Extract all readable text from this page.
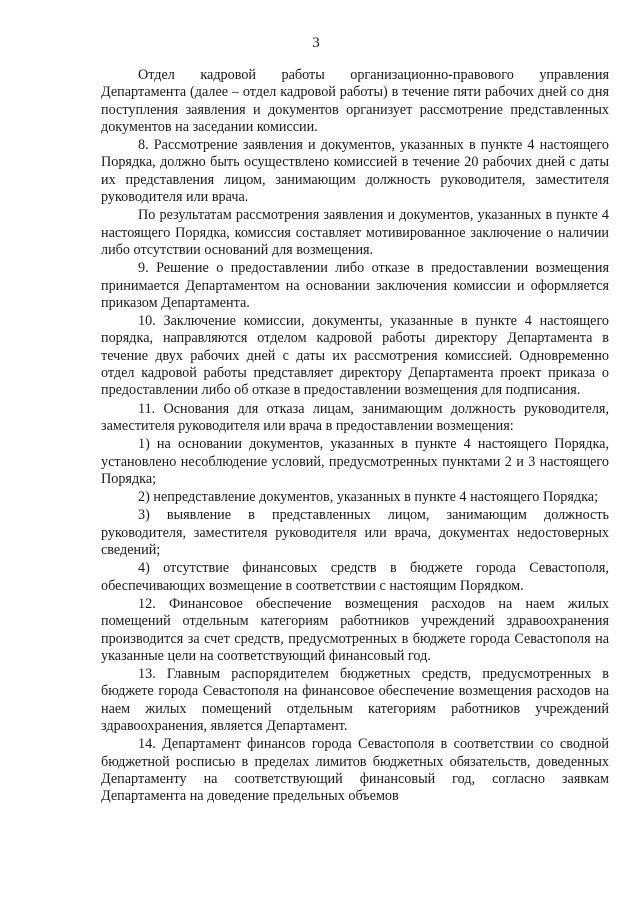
3

Отдел кадровой работы организационно-правового управления Департамента (далее – отдел кадровой работы) в течение пяти рабочих дней со дня поступления заявления и документов организует рассмотрение представленных документов на заседании комиссии.

8. Рассмотрение заявления и документов, указанных в пункте 4 настоящего Порядка, должно быть осуществлено комиссией в течение 20 рабочих дней с даты их представления лицом, занимающим должность руководителя, заместителя руководителя или врача.

По результатам рассмотрения заявления и документов, указанных в пункте 4 настоящего Порядка, комиссия составляет мотивированное заключение о наличии либо отсутствии оснований для возмещения.

9. Решение о предоставлении либо отказе в предоставлении возмещения принимается Департаментом на основании заключения комиссии и оформляется приказом Департамента.

10. Заключение комиссии, документы, указанные в пункте 4 настоящего порядка, направляются отделом кадровой работы директору Департамента в течение двух рабочих дней с даты их рассмотрения комиссией. Одновременно отдел кадровой работы представляет директору Департамента проект приказа о предоставлении либо об отказе в предоставлении возмещения для подписания.

11. Основания для отказа лицам, занимающим должность руководителя, заместителя руководителя или врача в предоставлении возмещения:

1) на основании документов, указанных в пункте 4 настоящего Порядка, установлено несоблюдение условий, предусмотренных пунктами 2 и 3 настоящего Порядка;

2) непредставление документов, указанных в пункте 4 настоящего Порядка;

3) выявление в представленных лицом, занимающим должность руководителя, заместителя руководителя или врача, документах недостоверных сведений;

4) отсутствие финансовых средств в бюджете города Севастополя, обеспечивающих возмещение в соответствии с настоящим Порядком.

12. Финансовое обеспечение возмещения расходов на наем жилых помещений отдельным категориям работников учреждений здравоохранения производится за счет средств, предусмотренных в бюджете города Севастополя на указанные цели на соответствующий финансовый год.

13. Главным распорядителем бюджетных средств, предусмотренных в бюджете города Севастополя на финансовое обеспечение возмещения расходов на наем жилых помещений отдельным категориям работников учреждений здравоохранения, является Департамент.

14. Департамент финансов города Севастополя в соответствии со сводной бюджетной росписью в пределах лимитов бюджетных обязательств, доведенных Департаменту на соответствующий финансовый год, согласно заявкам Департамента на доведение предельных объемов
